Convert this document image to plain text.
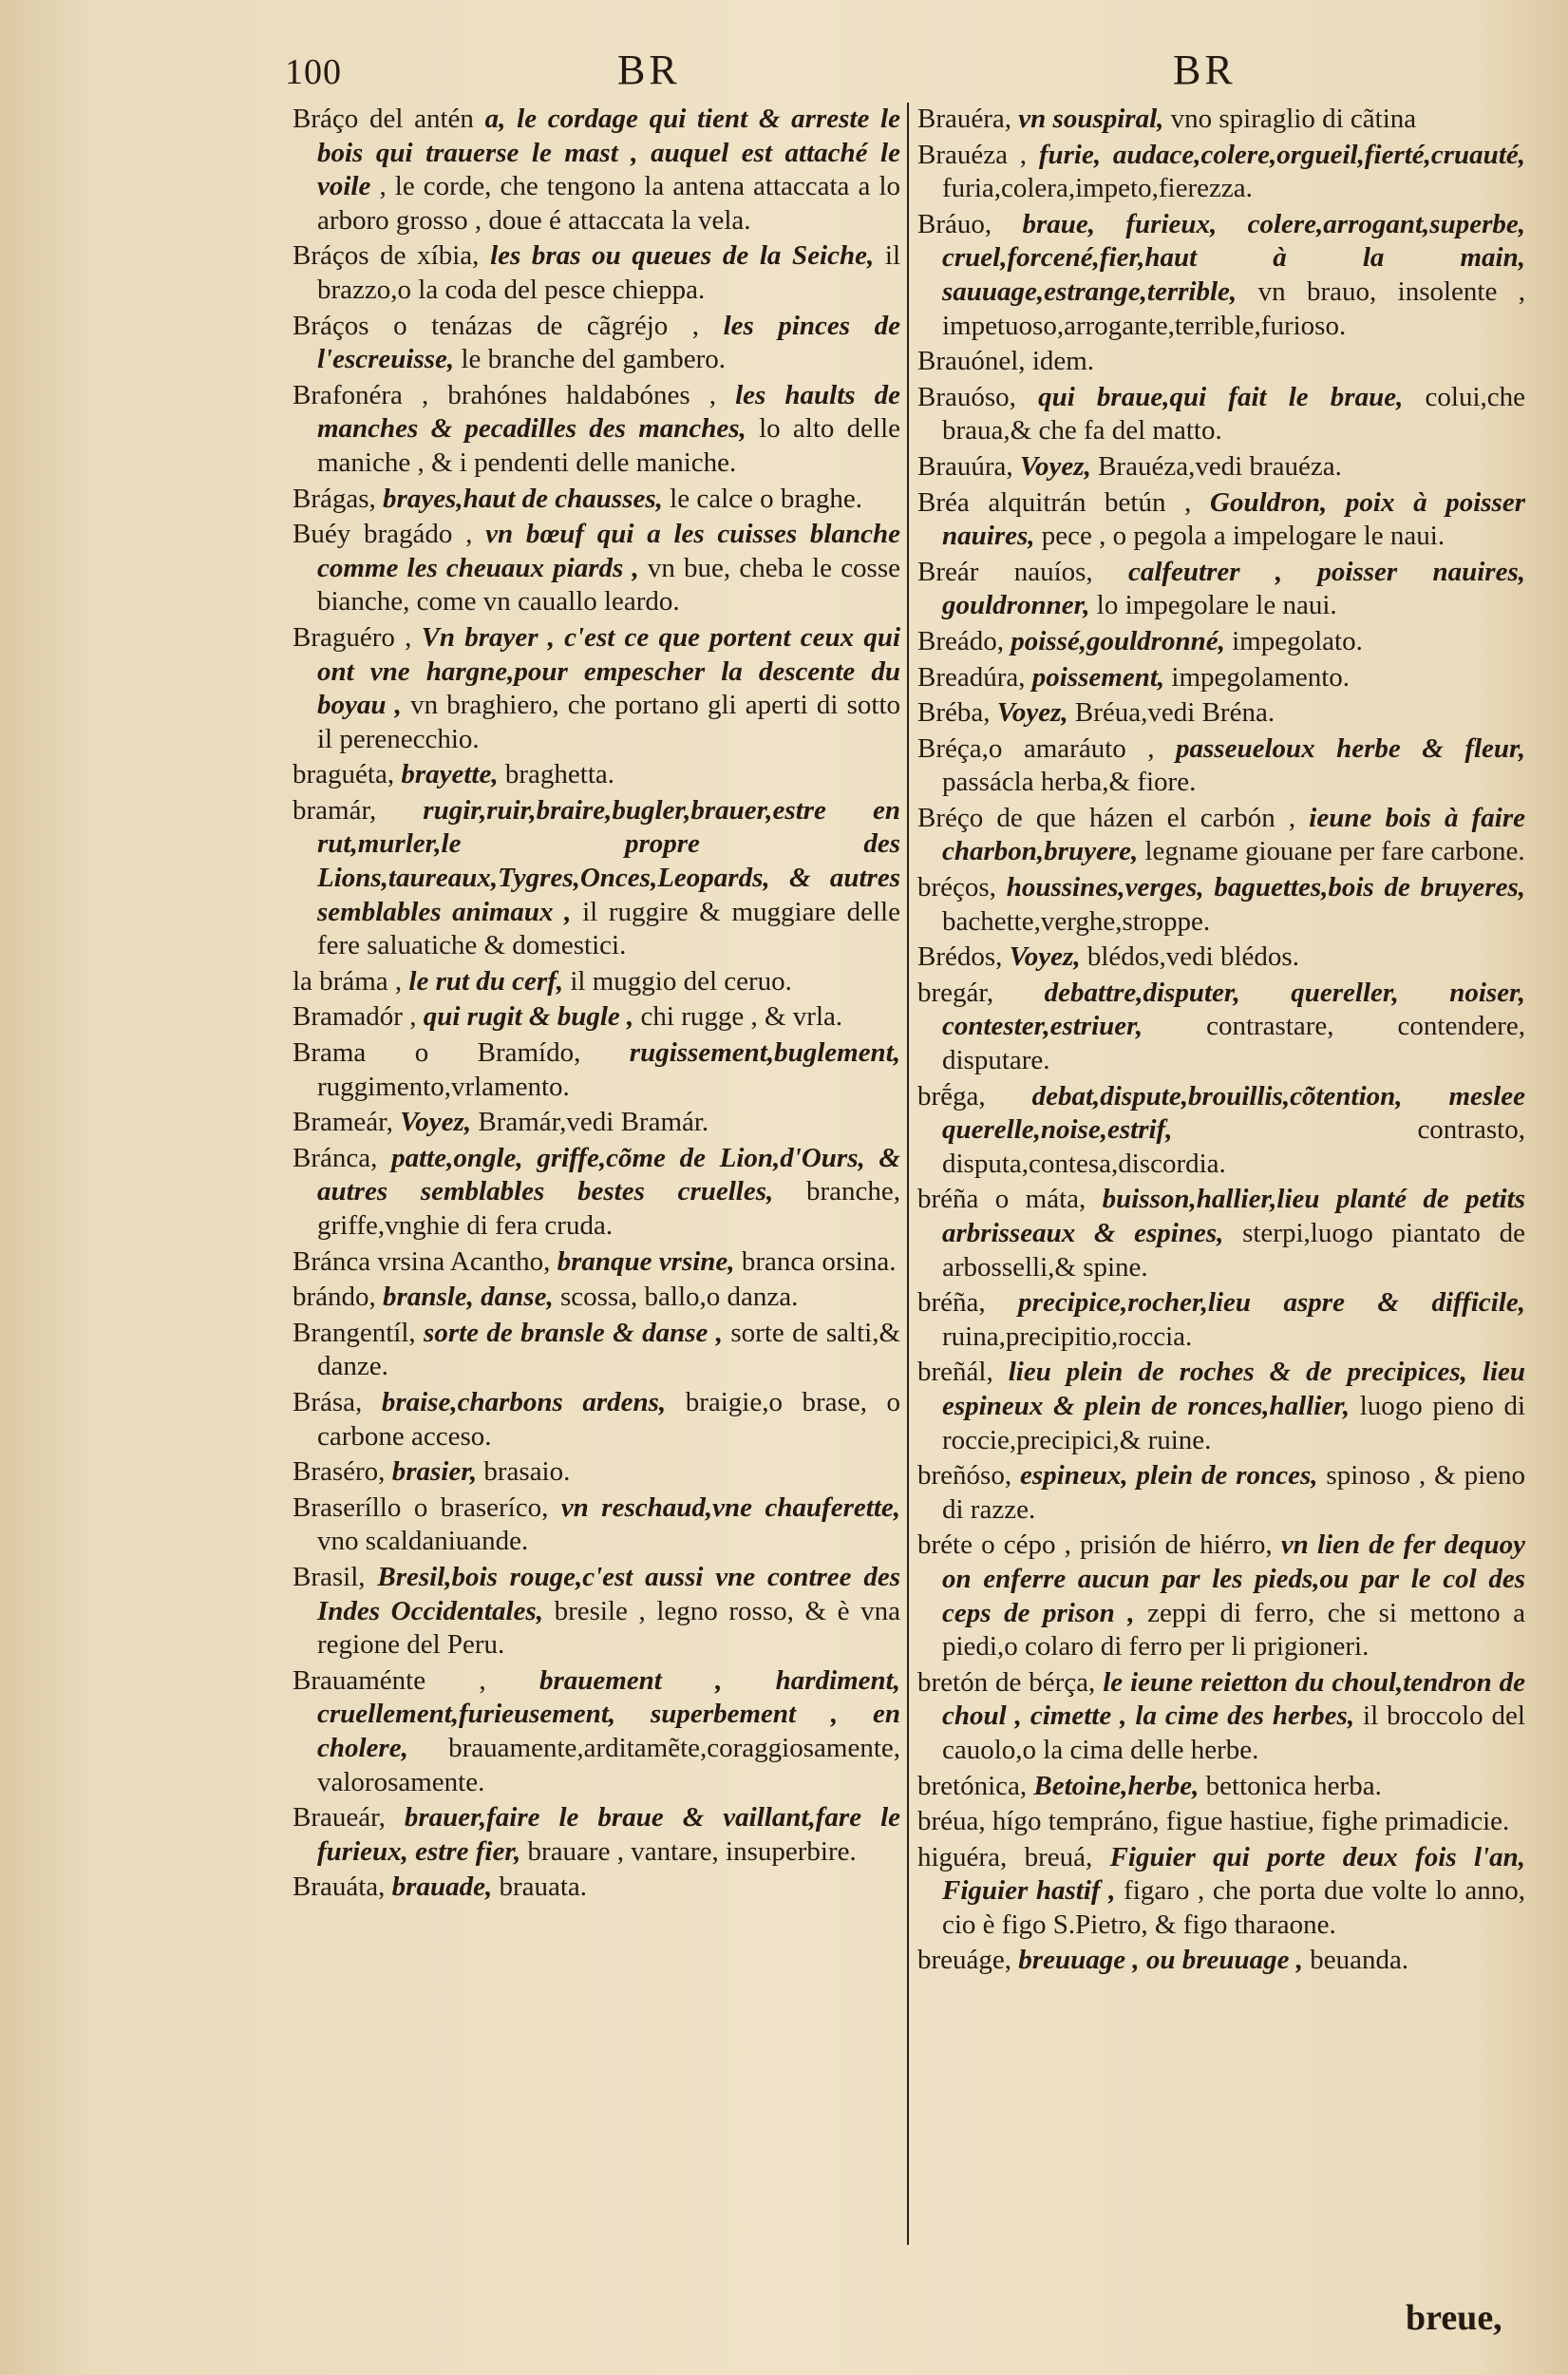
100	BR	BR

Bráço del antén a, le cordage qui tient & arreste le bois qui trauerse le mast , auquel est attaché le voile , le corde, che tengono la antena attaccata a lo arboro grosso , doue é attaccata la vela.

Bráços de xíbia, les bras ou queues de la Seiche, il brazzo,o la coda del pesce chieppa.

Bráços o tenázas de cãgréjo , les pinces de l'escreuisse, le branche del gambero.

Brafonéra , brahónes haldabónes , les haults de manches & pecadilles des manches, lo alto delle maniche , & i pendenti delle maniche.

Brágas, brayes,haut de chausses, le calce o braghe.

Buéy bragádo , vn bœuf qui a les cuisses blanche comme les cheuaux piards , vn bue, cheba le cosse bianche, come vn cauallo leardo.

Braguéro , Vn brayer , c'est ce que portent ceux qui ont vne hargne,pour empescher la descente du boyau , vn braghiero, che portano gli aperti di sotto il perenecchio.

braguéta, brayette, braghetta.

bramár, rugir,ruir,braire,bugler,brauer,estre en rut,murler,le propre des Lions,taureaux,Tygres,Onces,Leopards, & autres semblables animaux , il ruggire & muggiare delle fere saluatiche & domestici.

la bráma , le rut du cerf, il muggio del ceruo.

Bramadór , qui rugit & bugle , chi rugge , & vrla.

Brama o Bramído, rugissement,buglement, ruggimento,vrlamento.

Brameár, Voyez, Bramár,vedi Bramár.

Bránca, patte,ongle, griffe,cõme de Lion,d'Ours, & autres semblables bestes cruelles, branche, griffe,vnghie di fera cruda.

Bránca vrsina Acantho, branque vrsine, branca orsina.

brándo, bransle, danse, scossa, ballo,o danza.

Brangentíl, sorte de bransle & danse , sorte de salti,& danze.

Brása, braise,charbons ardens, braigie,o brase, o carbone acceso.

Braséro, brasier, brasaio.

Braseríllo o braseríco, vn reschaud,vne chauferette, vno scaldaniuande.

Brasil, Bresil,bois rouge,c'est aussi vne contree des Indes Occidentales, bresile , legno rosso, & è vna regione del Peru.

Brauaménte , brauement , hardiment, cruellement,furieusement, superbement , en cholere, brauamente,arditamẽte,coraggiosamente, valorosamente.

Braueár, brauer,faire le braue & vaillant,fare le furieux, estre fier, brauare , vantare, insuperbire.

Brauáta, brauade, brauata.

Brauéra, vn souspiral, vno spiraglio di cãtina

Brauéza , furie, audace,colere,orgueil,fierté,cruauté, furia,colera,impeto,fierezza.

Bráuo, braue, furieux, colere,arrogant,superbe, cruel,forcené,fier,haut à la main, sauuage,estrange,terrible, vn brauo, insolente , impetuoso,arrogante,terrible,furioso.

Brauónel, idem.

Brauóso, qui braue,qui fait le braue, colui,che braua,& che fa del matto.

Brauúra, Voyez, Brauéza,vedi brauéza.

Bréa alquitrán betún , Gouldron, poix à poisser nauires, pece , o pegola a impelogare le naui.

Breár nauíos, calfeutrer , poisser nauires, gouldronner, lo impegolare le naui.

Breádo, poissé,gouldronné, impegolato.

Breadúra, poissement, impegolamento.

Bréba, Voyez, Bréua,vedi Bréna.

Bréça,o amaráuto , passeueloux herbe & fleur, passácla herba,& fiore.

Bréço de que házen el carbón , ieune bois à faire charbon,bruyere, legname giouane per fare carbone.

bréços, houssines,verges, baguettes,bois de bruyeres, bachette,verghe,stroppe.

Brédos, Voyez, blédos,vedi blédos.

bregár, debattre,disputer, quereller, noiser, contester,estriuer, contrastare, contendere, disputare.

brḗga, debat,dispute,brouillis,cõtention, meslee querelle,noise,estrif,	contrasto, disputa,contesa,discordia.

bréña o máta, buisson,hallier,lieu planté de petits arbrisseaux & espines, sterpi,luogo piantato de arbosselli,& spine.

bréña, precipice,rocher,lieu aspre & difficile, ruina,precipitio,roccia.

breñál, lieu plein de roches & de precipices, lieu espineux & plein de ronces,hallier, luogo pieno di roccie,precipici,& ruine.

breñóso, espineux, plein de ronces, spinoso , & pieno di razze.

bréte o cépo , prisión de hiérro, vn lien de fer dequoy on enferre aucun par les pieds,ou par le col des ceps de prison , zeppi di ferro, che si mettono a piedi,o colaro di ferro per li prigioneri.

bretón de bérça, le ieune reietton du choul,tendron de choul , cimette , la cime des herbes, il broccolo del cauolo,o la cima delle herbe.

bretónica, Betoine,herbe, bettonica herba.

bréua, hígo tempráno, figue hastiue, fighe primadicie.

higuéra, breuá, Figuier qui porte deux fois l'an, Figuier hastif , figaro , che porta due volte lo anno, cio è figo S.Pietro, & figo tharaone.

breuáge, breuuage , ou breuuage , beuanda.

breue,
